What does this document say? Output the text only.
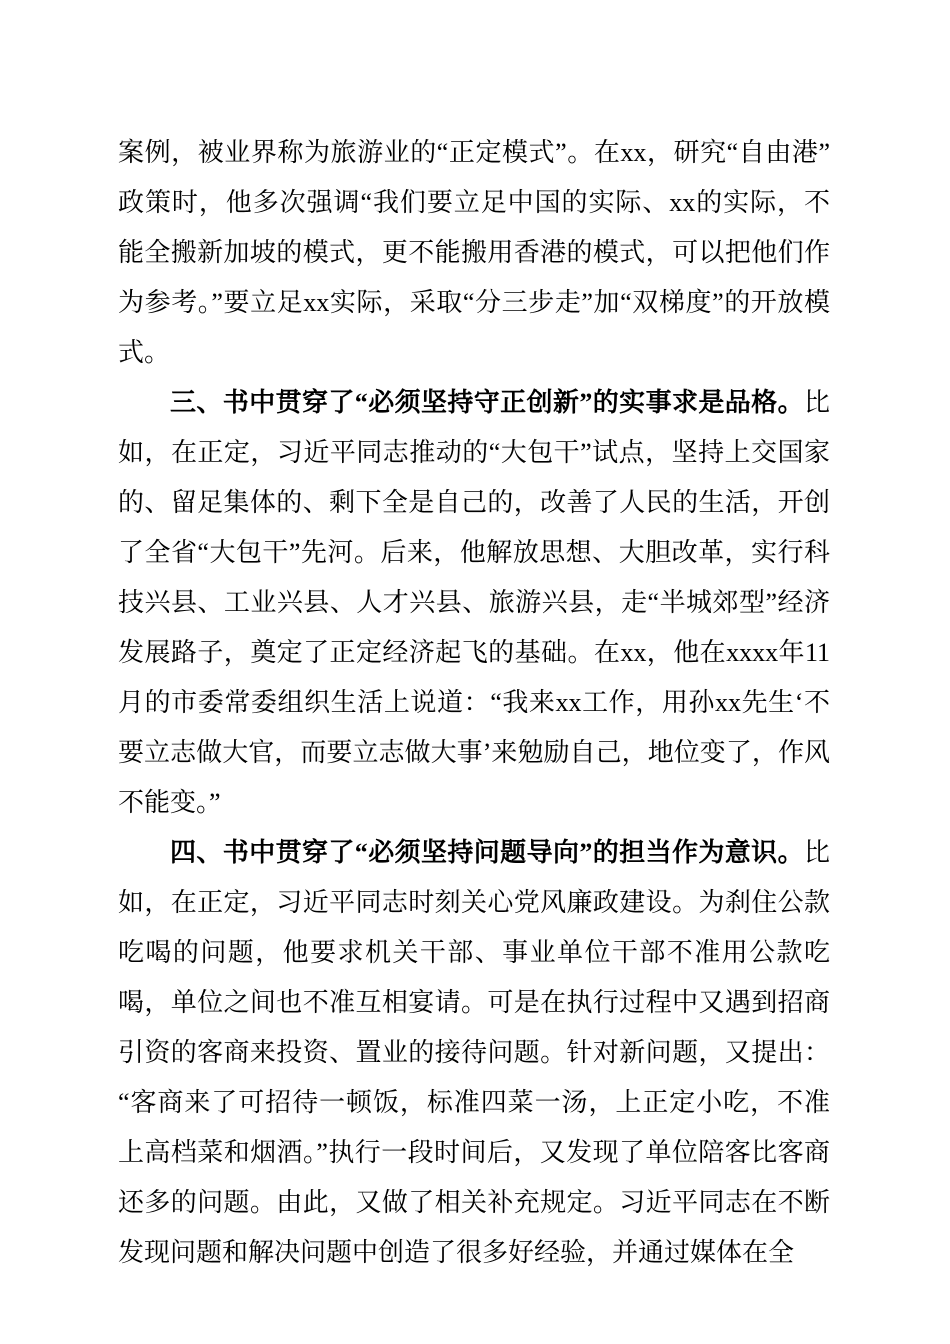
案例，被业界称为旅游业的“正定模式”。在xx，研究“自由港”政策时，他多次强调“我们要立足中国的实际、xx的实际，不能全搬新加坡的模式，更不能搬用香港的模式，可以把他们作为参考。”要立足xx实际，采取“分三步走”加“双梯度”的开放模式。

三、书中贯穿了“必须坚持守正创新”的实事求是品格。比如，在正定，习近平同志推动的“大包干”试点，坚持上交国家的、留足集体的、剩下全是自己的，改善了人民的生活，开创了全省“大包干”先河。后来，他解放思想、大胆改革，实行科技兴县、工业兴县、人才兴县、旅游兴县，走“半城郊型”经济发展路子，奠定了正定经济起飞的基础。在xx，他在xxxx年11月的市委常委组织生活上说道：“我来xx工作，用孙xx先生‘不要立志做大官，而要立志做大事’来勉励自己，地位变了，作风不能变。”

四、书中贯穿了“必须坚持问题导向”的担当作为意识。比如，在正定，习近平同志时刻关心党风廉政建设。为刹住公款吃喝的问题，他要求机关干部、事业单位干部不准用公款吃喝，单位之间也不准互相宴请。可是在执行过程中又遇到招商引资的客商来投资、置业的接待问题。针对新问题，又提出：“客商来了可招待一顿饭，标准四菜一汤，上正定小吃，不准上高档菜和烟酒。”执行一段时间后，又发现了单位陪客比客商还多的问题。由此，又做了相关补充规定。习近平同志在不断发现问题和解决问题中创造了很多好经验，并通过媒体在全
